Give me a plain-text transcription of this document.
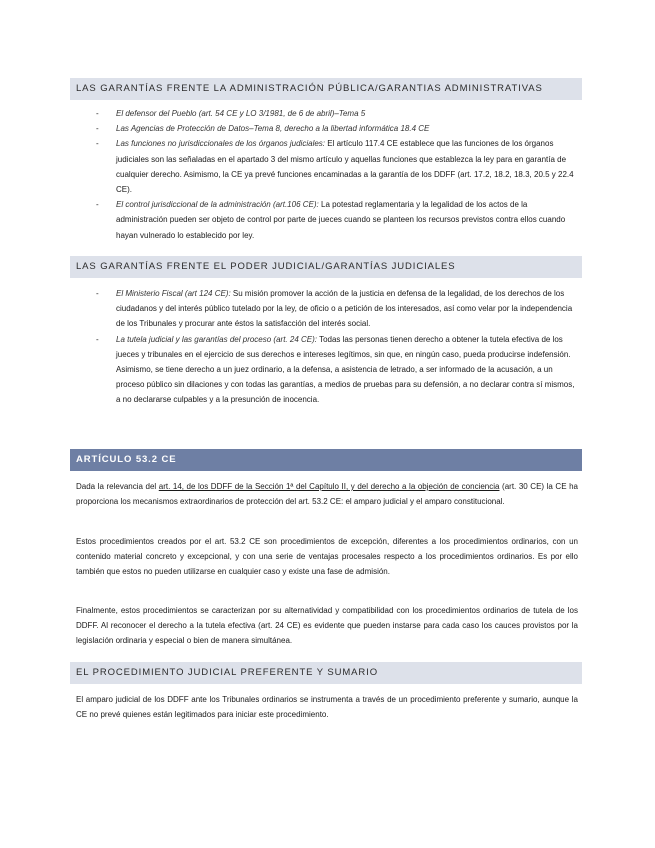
LAS GARANTÍAS FRENTE LA ADMINISTRACIÓN PÚBLICA/GARANTIAS ADMINISTRATIVAS
- El defensor del Pueblo (art. 54 CE y LO 3/1981, de 6 de abril)–Tema 5
- Las Agencias de Protección de Datos–Tema 8, derecho a la libertad informática 18.4 CE
- Las funciones no jurisdiccionales de los órganos judiciales: El artículo 117.4 CE establece que las funciones de los órganos judiciales son las señaladas en el apartado 3 del mismo artículo y aquellas funciones que establezca la ley para en garantía de cualquier derecho. Asimismo, la CE ya prevé funciones encaminadas a la garantía de los DDFF (art. 17.2, 18.2, 18.3, 20.5 y 22.4 CE).
- El control jurisdiccional de la administración (art.106 CE): La potestad reglamentaria y la legalidad de los actos de la administración pueden ser objeto de control por parte de jueces cuando se planteen los recursos previstos contra ellos cuando hayan vulnerado lo establecido por ley.
LAS GARANTÍAS FRENTE EL PODER JUDICIAL/GARANTÍAS JUDICIALES
- El Ministerio Fiscal (art 124 CE): Su misión promover la acción de la justicia en defensa de la legalidad, de los derechos de los ciudadanos y del interés público tutelado por la ley, de oficio o a petición de los interesados, así como velar por la independencia de los Tribunales y procurar ante éstos la satisfacción del interés social.
- La tutela judicial y las garantías del proceso (art. 24 CE): Todas las personas tienen derecho a obtener la tutela efectiva de los jueces y tribunales en el ejercicio de sus derechos e intereses legítimos, sin que, en ningún caso, pueda producirse indefensión. Asimismo, se tiene derecho a un juez ordinario, a la defensa, a asistencia de letrado, a ser informado de la acusación, a un proceso público sin dilaciones y con todas las garantías, a medios de pruebas para su defensión, a no declarar contra sí mismos, a no declararse culpables y a la presunción de inocencia.
ARTÍCULO 53.2 CE

Dada la relevancia del art. 14, de los DDFF de la Sección 1ª del Capítulo II, y del derecho a la objeción de conciencia (art. 30 CE) la CE ha proporciona los mecanismos extraordinarios de protección del art. 53.2 CE: el amparo judicial y el amparo constitucional.

Estos procedimientos creados por el art. 53.2 CE son procedimientos de excepción, diferentes a los procedimientos ordinarios, con un contenido material concreto y excepcional, y con una serie de ventajas procesales respecto a los procedimientos ordinarios. Es por ello también que estos no pueden utilizarse en cualquier caso y existe una fase de admisión.

Finalmente, estos procedimientos se caracterizan por su alternatividad y compatibilidad con los procedimientos ordinarios de tutela de los DDFF. Al reconocer el derecho a la tutela efectiva (art. 24 CE) es evidente que pueden instarse para cada caso los cauces provistos por la legislación ordinaria y especial o bien de manera simultánea.

EL PROCEDIMIENTO JUDICIAL PREFERENTE Y SUMARIO

El amparo judicial de los DDFF ante los Tribunales ordinarios se instrumenta a través de un procedimiento preferente y sumario, aunque la CE no prevé quienes están legitimados para iniciar este procedimiento.
